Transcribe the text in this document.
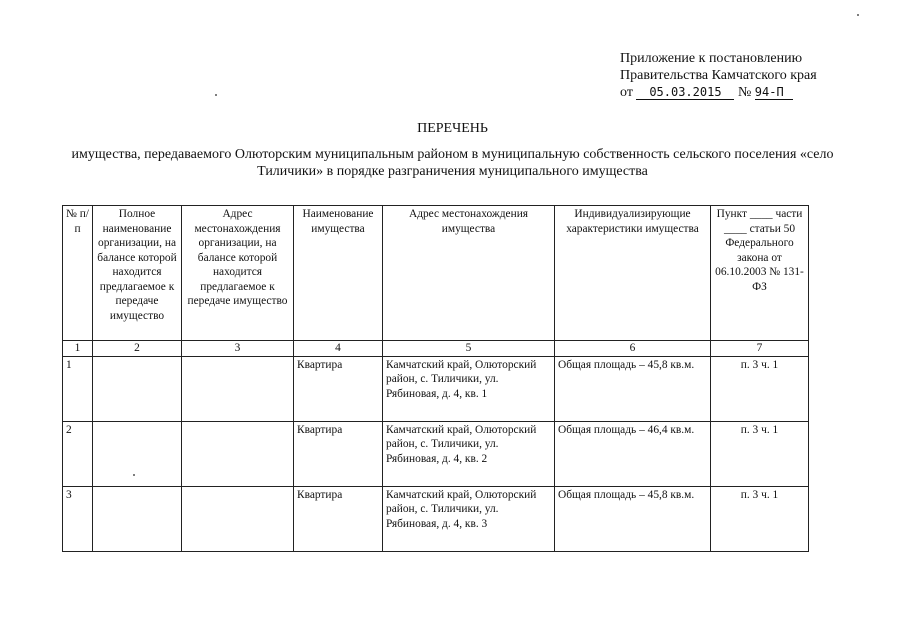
Приложение к постановлению
Правительства Камчатского края
от 05.03.2015 № 94-П
ПЕРЕЧЕНЬ
имущества, передаваемого Олюторским муниципальным районом в муниципальную собственность сельского поселения «село Тиличики» в порядке разграничения муниципального имущества
№ п/п	Полное наименование организации, на балансе которой находится предлагаемое к передаче имущество	Адрес местонахождения организации, на балансе которой находится предлагаемое к передаче имущество	Наименование имущества	Адрес местонахождения имущества	Индивидуализирующие характеристики имущества	Пункт ____ части ____ статьи 50 Федерального закона от 06.10.2003 № 131-ФЗ
1	2	3	4	5	6	7
1			Квартира	Камчатский край, Олюторский район, с. Тиличики, ул. Рябиновая, д. 4, кв. 1	Общая площадь – 45,8 кв.м.	п. 3 ч. 1
2			Квартира	Камчатский край, Олюторский район, с. Тиличики, ул. Рябиновая, д. 4, кв. 2	Общая площадь – 46,4 кв.м.	п. 3 ч. 1
3			Квартира	Камчатский край, Олюторский район, с. Тиличики, ул. Рябиновая, д. 4, кв. 3	Общая площадь – 45,8 кв.м.	п. 3 ч. 1
